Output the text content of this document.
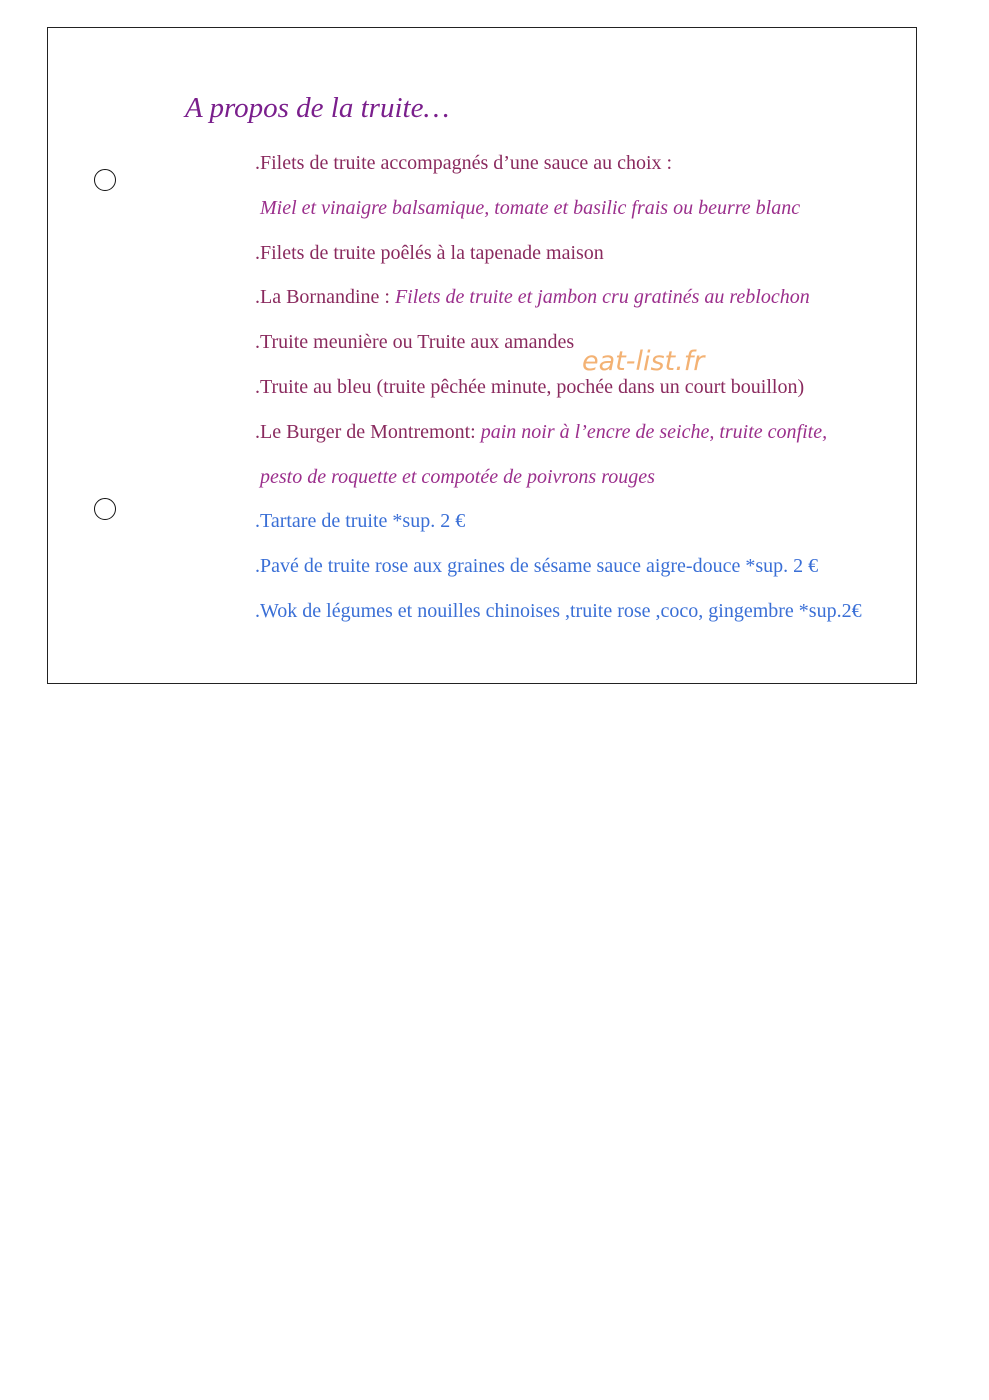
A propos de la truite…
.Filets de truite accompagnés d’une sauce au choix :
Miel et vinaigre balsamique, tomate et basilic frais ou beurre blanc
.Filets de truite poêlés à la tapenade maison
.La Bornandine : Filets de truite et jambon cru gratinés au reblochon
.Truite meunière ou Truite aux amandes
eat-list.fr
.Truite au bleu (truite pêchée minute, pochée dans un court bouillon)
.Le Burger de Montremont: pain noir à l’encre de seiche, truite confite,
pesto de roquette et compotée de poivrons rouges
.Tartare de truite *sup. 2 €
.Pavé de truite rose aux graines de sésame sauce aigre-douce *sup. 2 €
.Wok de légumes et nouilles chinoises ,truite rose ,coco, gingembre *sup.2€
